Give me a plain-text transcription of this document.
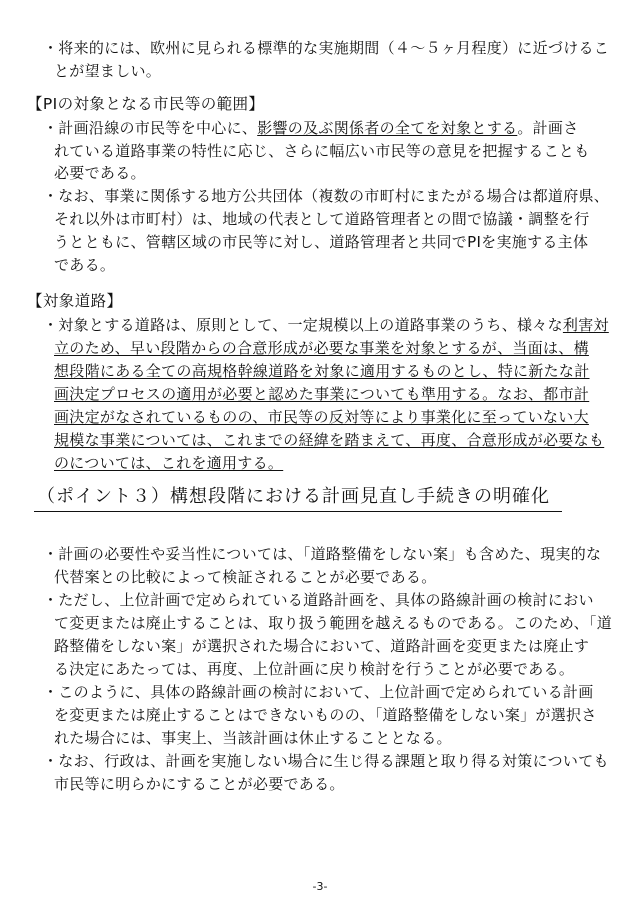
・将来的には、欧州に見られる標準的な実施期間（４～５ヶ月程度）に近づけるこ
とが望ましい。
【PIの対象となる市民等の範囲】
・計画沿線の市民等を中心に、影響の及ぶ関係者の全てを対象とする。計画さ
れている道路事業の特性に応じ、さらに幅広い市民等の意見を把握することも
必要である。
・なお、事業に関係する地方公共団体（複数の市町村にまたがる場合は都道府県、
それ以外は市町村）は、地域の代表として道路管理者との間で協議・調整を行
うとともに、管轄区域の市民等に対し、道路管理者と共同でPIを実施する主体
である。
【対象道路】
・対象とする道路は、原則として、一定規模以上の道路事業のうち、様々な利害対
立のため、早い段階からの合意形成が必要な事業を対象とするが、当面は、構
想段階にある全ての高規格幹線道路を対象に適用するものとし、特に新たな計
画決定プロセスの適用が必要と認めた事業についても準用する。なお、都市計
画決定がなされているものの、市民等の反対等により事業化に至っていない大
規模な事業については、これまでの経緯を踏まえて、再度、合意形成が必要なも
のについては、これを適用する。
（ポイント３）構想段階における計画見直し手続きの明確化
・計画の必要性や妥当性については、「道路整備をしない案」も含めた、現実的な
代替案との比較によって検証されることが必要である。
・ただし、上位計画で定められている道路計画を、具体の路線計画の検討におい
て変更または廃止することは、取り扱う範囲を越えるものである。このため、「道
路整備をしない案」が選択された場合において、道路計画を変更または廃止す
る決定にあたっては、再度、上位計画に戻り検討を行うことが必要である。
・このように、具体の路線計画の検討において、上位計画で定められている計画
を変更または廃止することはできないものの、「道路整備をしない案」が選択さ
れた場合には、事実上、当該計画は休止することとなる。
・なお、行政は、計画を実施しない場合に生じ得る課題と取り得る対策についても
市民等に明らかにすることが必要である。
-3-
